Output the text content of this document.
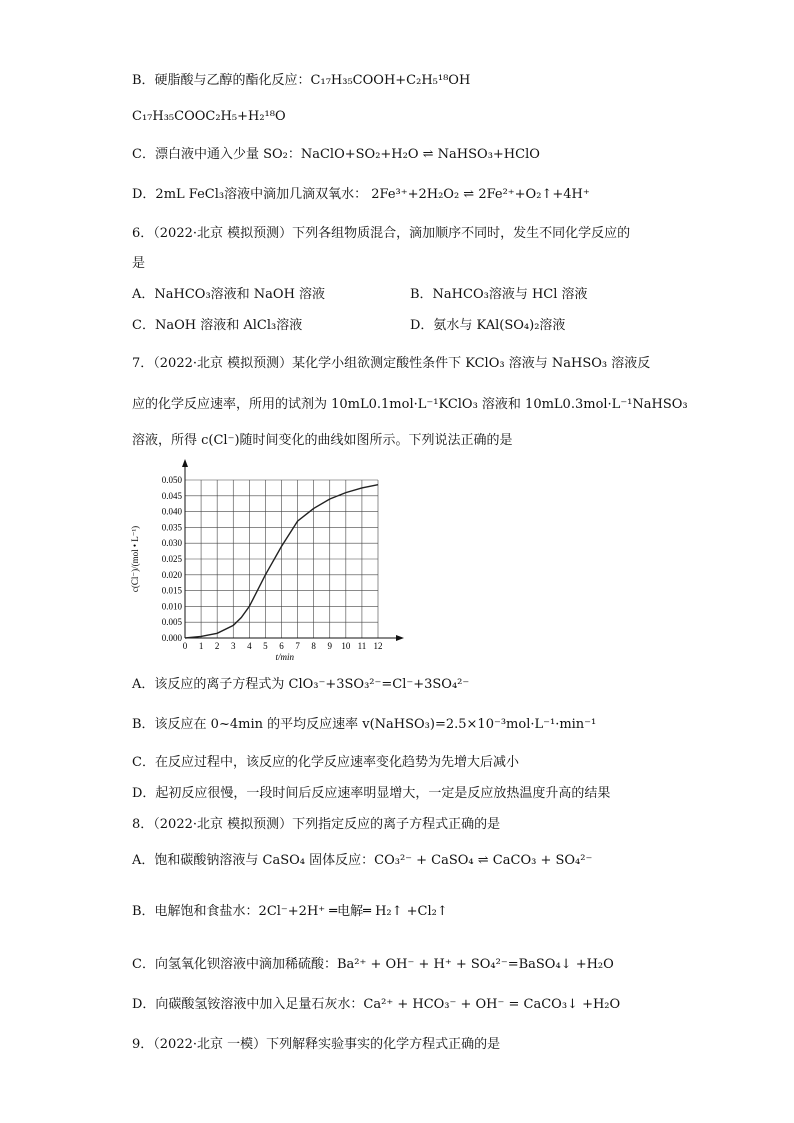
B．硬脂酸与乙醇的酯化反应：C₁₇H₃₅COOH+C₂H₅¹⁸OH
C₁₇H₃₅COOC₂H₅+H₂¹⁸O
C．漂白液中通入少量 SO₂：NaClO+SO₂+H₂O ⇌ NaHSO₃+HClO
D．2mL FeCl₃溶液中滴加几滴双氧水： 2Fe³⁺+2H₂O₂ ⇌ 2Fe²⁺+O₂↑+4H⁺
6．（2022·北京 模拟预测）下列各组物质混合，滴加顺序不同时，发生不同化学反应的
是
A．NaHCO₃溶液和 NaOH 溶液	B．NaHCO₃溶液与 HCl 溶液
C．NaOH 溶液和 AlCl₃溶液	D．氨水与 KAl(SO₄)₂溶液
7．（2022·北京 模拟预测）某化学小组欲测定酸性条件下 KClO₃ 溶液与 NaHSO₃ 溶液反
应的化学反应速率，所用的试剂为 10mL0.1mol·L⁻¹KClO₃ 溶液和 10mL0.3mol·L⁻¹NaHSO₃
溶液，所得 c(Cl⁻)随时间变化的曲线如图所示。下列说法正确的是
0 1 2 3 4 5 6 7 8 9 10 11 12
0.000
0.005
0.010
0.015
0.020
0.025
0.030
0.035
0.040
0.045
0.050
t/min
c(Cl⁻)/(mol • L⁻¹)
A．该反应的离子方程式为 ClO₃⁻+3SO₃²⁻=Cl⁻+3SO₄²⁻
B．该反应在 0~4min 的平均反应速率 v(NaHSO₃)=2.5×10⁻³mol·L⁻¹·min⁻¹
C．在反应过程中，该反应的化学反应速率变化趋势为先增大后减小
D．起初反应很慢，一段时间后反应速率明显增大，一定是反应放热温度升高的结果
8．（2022·北京 模拟预测）下列指定反应的离子方程式正确的是
A．饱和碳酸钠溶液与 CaSO₄ 固体反应：CO₃²⁻ + CaSO₄ ⇌ CaCO₃ + SO₄²⁻
B．电解饱和食盐水：2Cl⁻+2H⁺ ═电解═ H₂↑ +Cl₂↑
C．向氢氧化钡溶液中滴加稀硫酸：Ba²⁺ + OH⁻ + H⁺ + SO₄²⁻=BaSO₄↓ +H₂O
D．向碳酸氢铵溶液中加入足量石灰水：Ca²⁺ + HCO₃⁻ + OH⁻ = CaCO₃↓ +H₂O
9．（2022·北京 一模）下列解释实验事实的化学方程式正确的是
